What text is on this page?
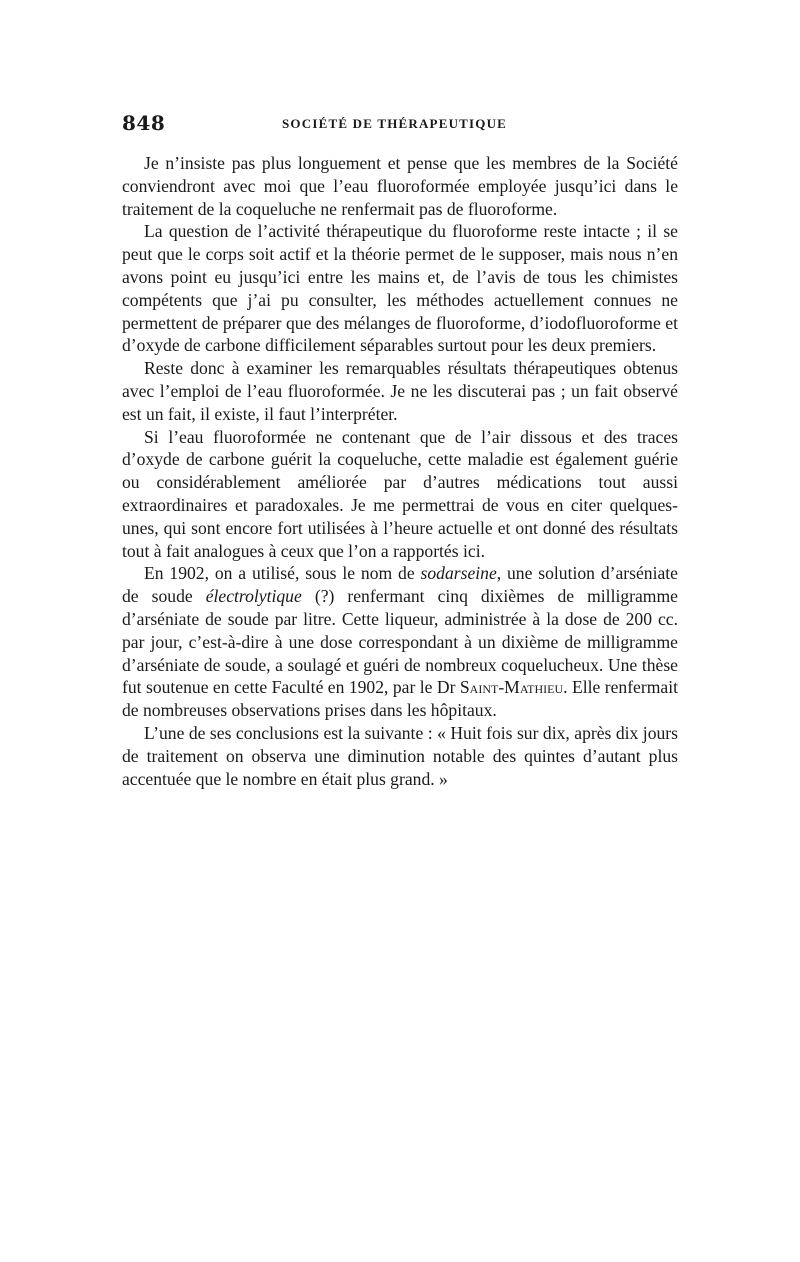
848	SOCIÉTÉ DE THÉRAPEUTIQUE

Je n’insiste pas plus longuement et pense que les membres de la Société conviendront avec moi que l’eau fluoroformée employée jusqu’ici dans le traitement de la coqueluche ne renfermait pas de fluoroforme.

La question de l’activité thérapeutique du fluoroforme reste intacte ; il se peut que le corps soit actif et la théorie permet de le supposer, mais nous n’en avons point eu jusqu’ici entre les mains et, de l’avis de tous les chimistes compétents que j’ai pu consulter, les méthodes actuellement connues ne permettent de préparer que des mélanges de fluoroforme, d’iodofluoroforme et d’oxyde de carbone difficilement séparables surtout pour les deux premiers.

Reste donc à examiner les remarquables résultats thérapeutiques obtenus avec l’emploi de l’eau fluoroformée. Je ne les discuterai pas ; un fait observé est un fait, il existe, il faut l’interpréter.

Si l’eau fluoroformée ne contenant que de l’air dissous et des traces d’oxyde de carbone guérit la coqueluche, cette maladie est également guérie ou considérablement améliorée par d’autres médications tout aussi extraordinaires et paradoxales. Je me permettrai de vous en citer quelques-unes, qui sont encore fort utilisées à l’heure actuelle et ont donné des résultats tout à fait analogues à ceux que l’on a rapportés ici.

En 1902, on a utilisé, sous le nom de sodarseine, une solution d’arséniate de soude électrolytique (?) renfermant cinq dixièmes de milligramme d’arséniate de soude par litre. Cette liqueur, administrée à la dose de 200 cc. par jour, c’est-à-dire à une dose correspondant à un dixième de milligramme d’arséniate de soude, a soulagé et guéri de nombreux coquelucheux. Une thèse fut soutenue en cette Faculté en 1902, par le Dr Saint-Mathieu. Elle renfermait de nombreuses observations prises dans les hôpitaux.

L’une de ses conclusions est la suivante : « Huit fois sur dix, après dix jours de traitement on observa une diminution notable des quintes d’autant plus accentuée que le nombre en était plus grand. »
